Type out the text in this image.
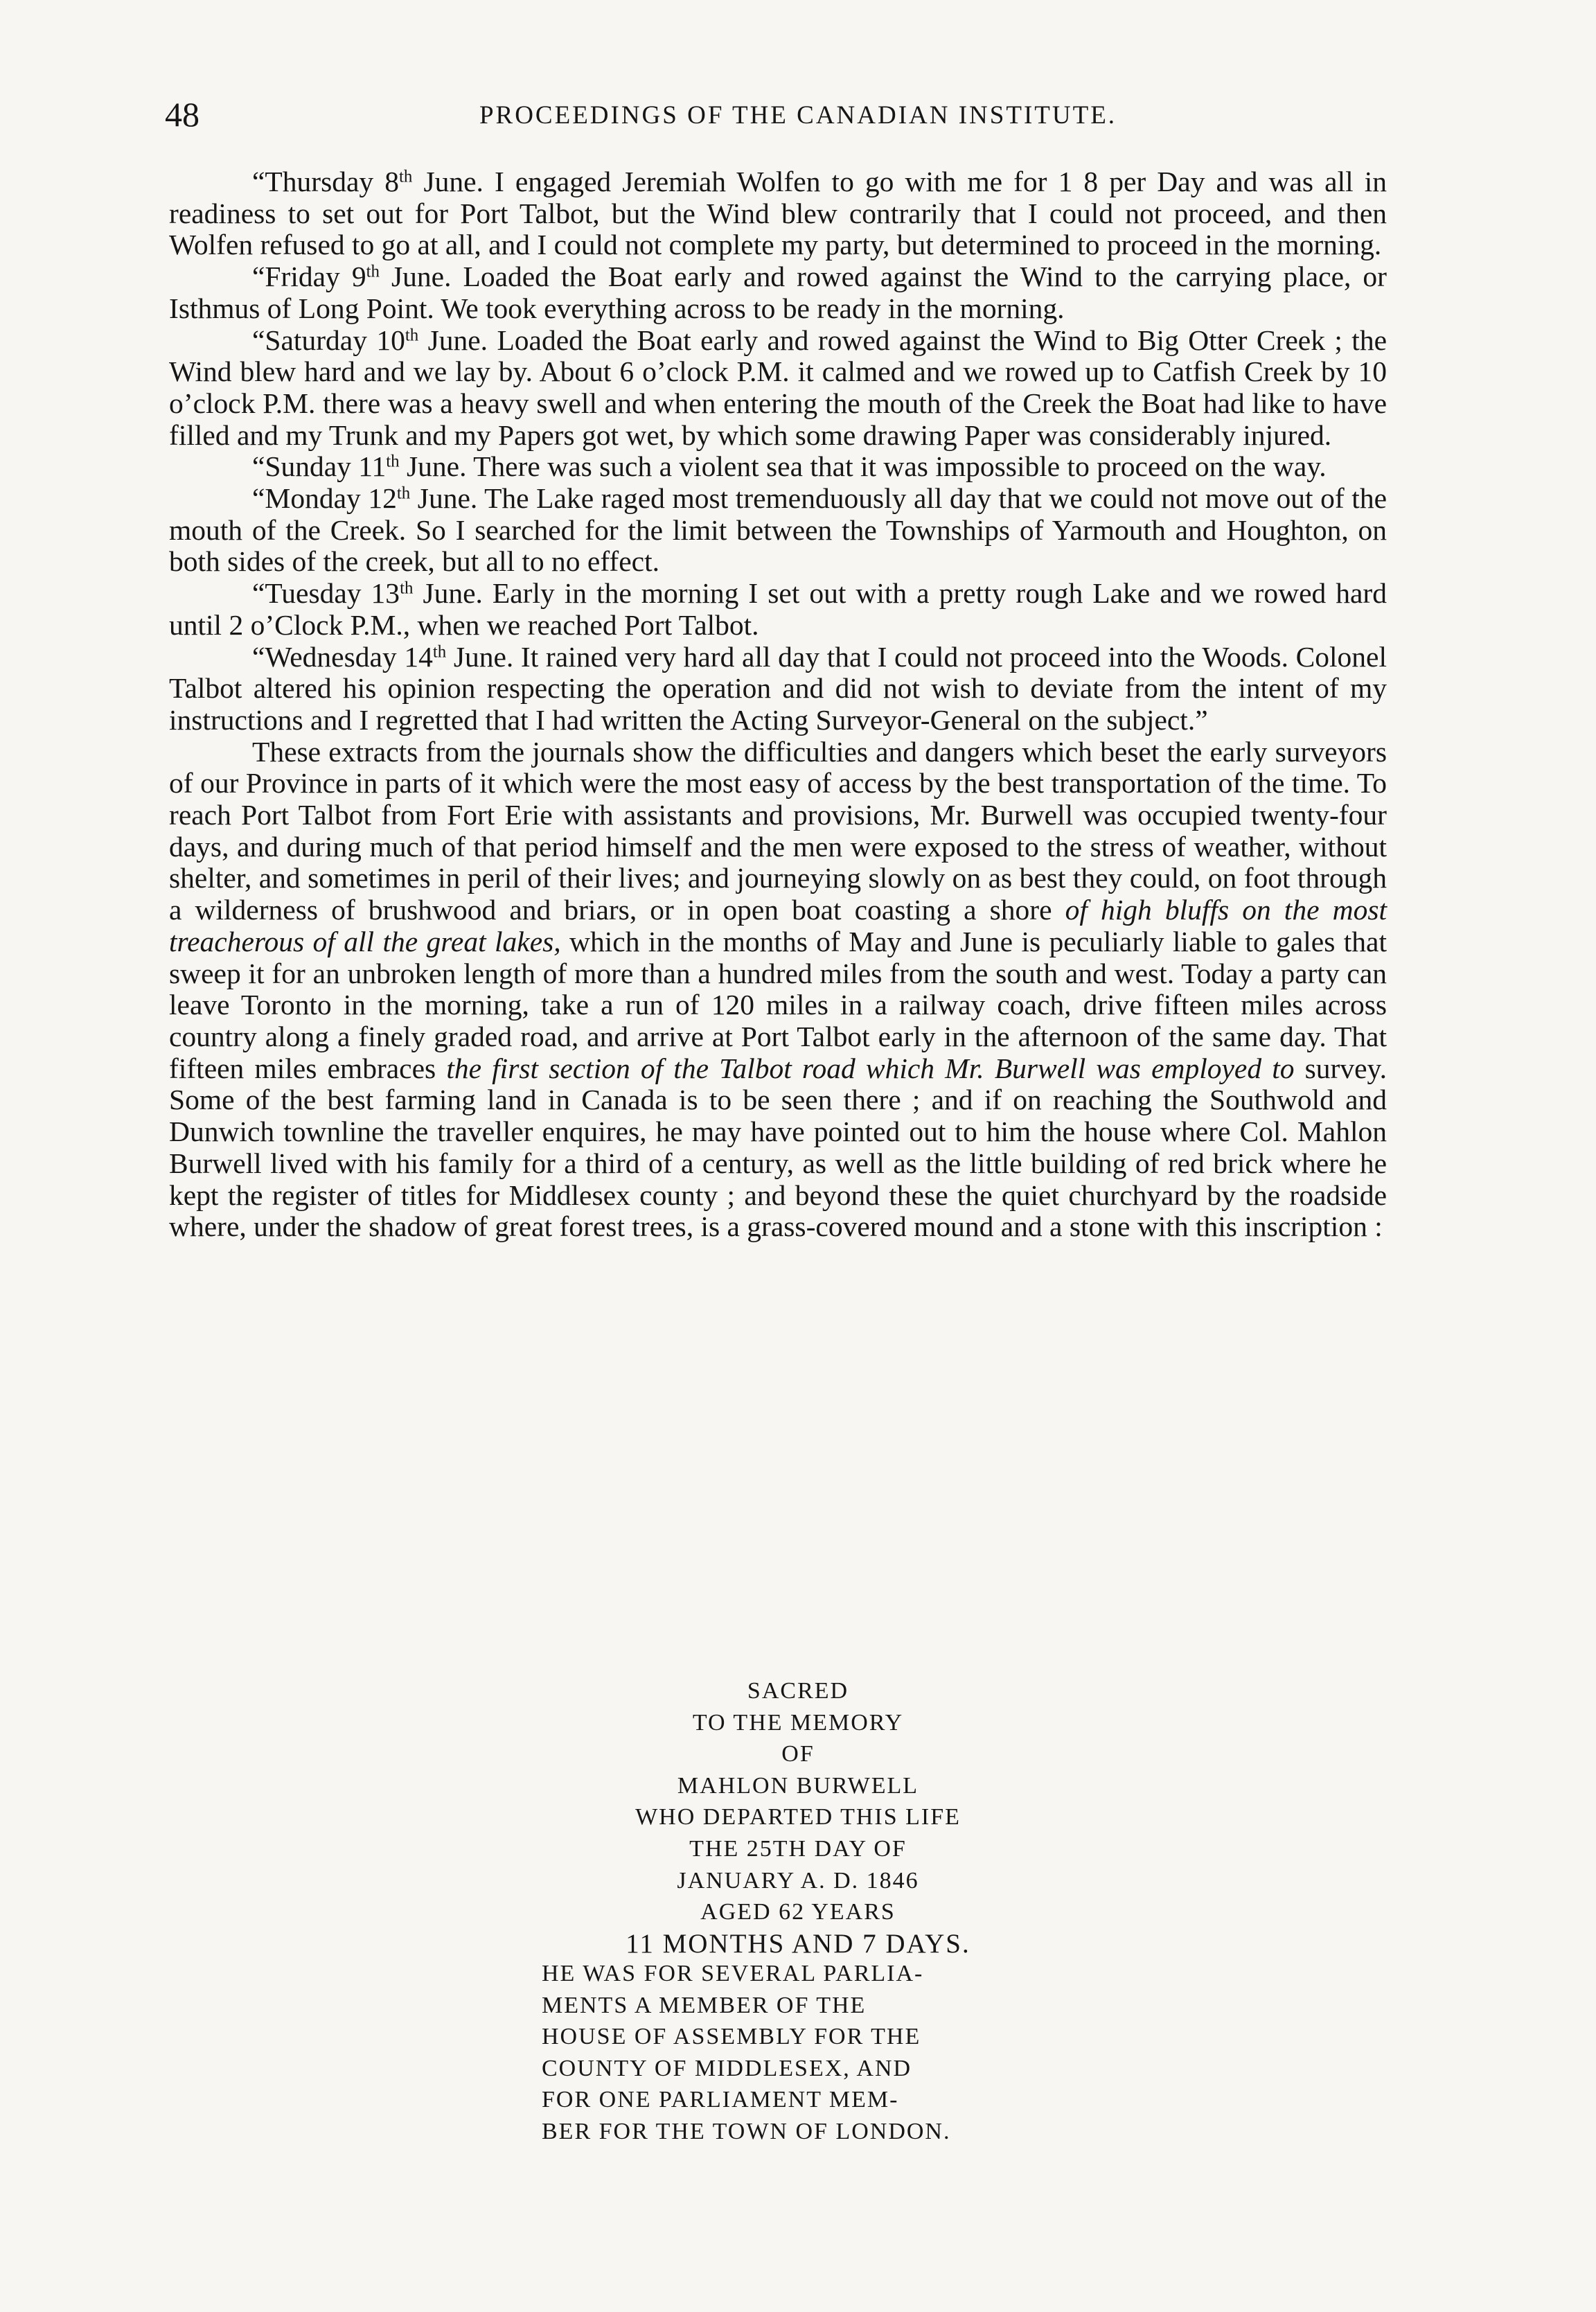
48	PROCEEDINGS OF THE CANADIAN INSTITUTE.

“Thursday 8th June. I engaged Jeremiah Wolfen to go with me for 1 8 per Day and was all in readiness to set out for Port Talbot, but the Wind blew contrarily that I could not proceed, and then Wolfen refused to go at all, and I could not complete my party, but determined to proceed in the morning.

“Friday 9th June. Loaded the Boat early and rowed against the Wind to the carrying place, or Isthmus of Long Point. We took everything across to be ready in the morning.

“Saturday 10th June. Loaded the Boat early and rowed against the Wind to Big Otter Creek ; the Wind blew hard and we lay by. About 6 o’clock P.M. it calmed and we rowed up to Catfish Creek by 10 o’clock P.M. there was a heavy swell and when entering the mouth of the Creek the Boat had like to have filled and my Trunk and my Papers got wet, by which some drawing Paper was considerably injured.

“Sunday 11th June. There was such a violent sea that it was impossible to proceed on the way.

“Monday 12th June. The Lake raged most tremenduously all day that we could not move out of the mouth of the Creek. So I searched for the limit between the Townships of Yarmouth and Houghton, on both sides of the creek, but all to no effect.

“Tuesday 13th June. Early in the morning I set out with a pretty rough Lake and we rowed hard until 2 o’Clock P.M., when we reached Port Talbot.

“Wednesday 14th June. It rained very hard all day that I could not proceed into the Woods. Colonel Talbot altered his opinion respecting the operation and did not wish to deviate from the intent of my instructions and I regretted that I had written the Acting Surveyor-General on the subject.”

These extracts from the journals show the difficulties and dangers which beset the early surveyors of our Province in parts of it which were the most easy of access by the best transportation of the time. To reach Port Talbot from Fort Erie with assistants and provisions, Mr. Burwell was occupied twenty-four days, and during much of that period himself and the men were exposed to the stress of weather, without shelter, and sometimes in peril of their lives; and journeying slowly on as best they could, on foot through a wilderness of brushwood and briars, or in open boat coasting a shore of high bluffs on the most treacherous of all the great lakes, which in the months of May and June is peculiarly liable to gales that sweep it for an unbroken length of more than a hundred miles from the south and west. Today a party can leave Toronto in the morning, take a run of 120 miles in a railway coach, drive fifteen miles across country along a finely graded road, and arrive at Port Talbot early in the afternoon of the same day. That fifteen miles embraces the first section of the Talbot road which Mr. Burwell was employed to survey. Some of the best farming land in Canada is to be seen there ; and if on reaching the Southwold and Dunwich townline the traveller enquires, he may have pointed out to him the house where Col. Mahlon Burwell lived with his family for a third of a century, as well as the little building of red brick where he kept the register of titles for Middlesex county ; and beyond these the quiet churchyard by the roadside where, under the shadow of great forest trees, is a grass-covered mound and a stone with this inscription :

SACRED
TO THE MEMORY
OF
MAHLON BURWELL
WHO DEPARTED THIS LIFE
THE 25TH DAY OF
JANUARY A. D. 1846
AGED 62 YEARS
11 MONTHS AND 7 DAYS.
HE WAS FOR SEVERAL PARLIA-
MENTS A MEMBER OF THE
HOUSE OF ASSEMBLY FOR THE
COUNTY OF MIDDLESEX, AND
FOR ONE PARLIAMENT MEM-
BER FOR THE TOWN OF LONDON.
